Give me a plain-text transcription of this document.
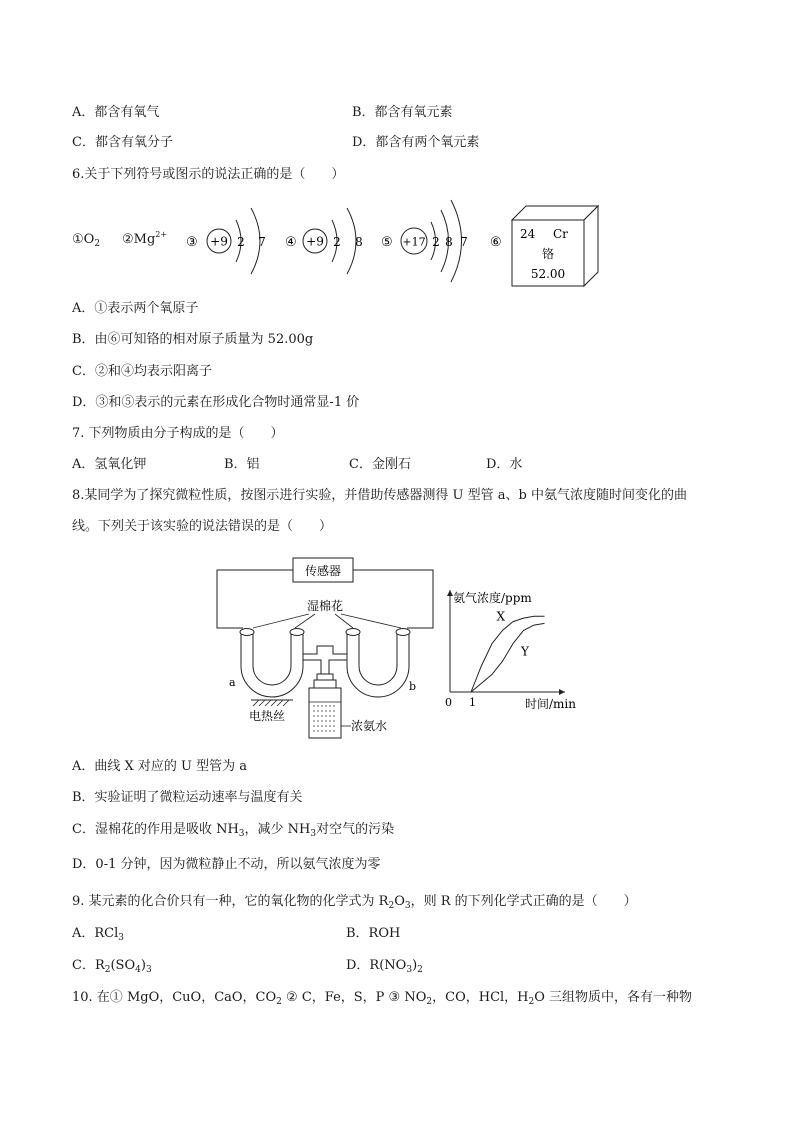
A．都含有氧气	B．都含有氧元素
C．都含有氧分子	D．都含有两个氧元素
6.关于下列符号或图示的说法正确的是（　　）
$①O_2$ $②Mg^{2+}$
③ +9 2 7 ④ +9 2 8 ⑤ +17 2 8 7 ⑥
24 Cr
铬
52.00
A．①表示两个氧原子
B．由⑥可知铬的相对原子质量为 52.00g
C．②和④均表示阳离子
D．③和⑤表示的元素在形成化合物时通常显-1 价
7. 下列物质由分子构成的是（　　）
A．氢氧化钾	B．铝	C．金刚石	D．水
8.某同学为了探究微粒性质，按图示进行实验，并借助传感器测得 U 型管 a、b 中氨气浓度随时间变化的曲
线。下列关于该实验的说法错误的是（　　）
传感器
湿棉花
a	b
电热丝
浓氨水
氨气浓度/ppm
时间/min
0 1
X
Y
A．曲线 X 对应的 U 型管为 a
B．实验证明了微粒运动速率与温度有关
C．湿棉花的作用是吸收 $NH_3$，减少 $NH_3$对空气的污染
D．0-1 分钟，因为微粒静止不动，所以氨气浓度为零
9. 某元素的化合价只有一种，它的氧化物的化学式为 $R_2O_3$，则 R 的下列化学式正确的是（　　）
A．RCl$_3$	B．ROH
C．$R_2(SO_4)_3$	D．$R(NO_3)_2$
10. 在① MgO，CuO，CaO，$CO_2$ ② C，Fe，S，P ③ $NO_2$，CO，HCl，$H_2O$ 三组物质中，各有一种物
